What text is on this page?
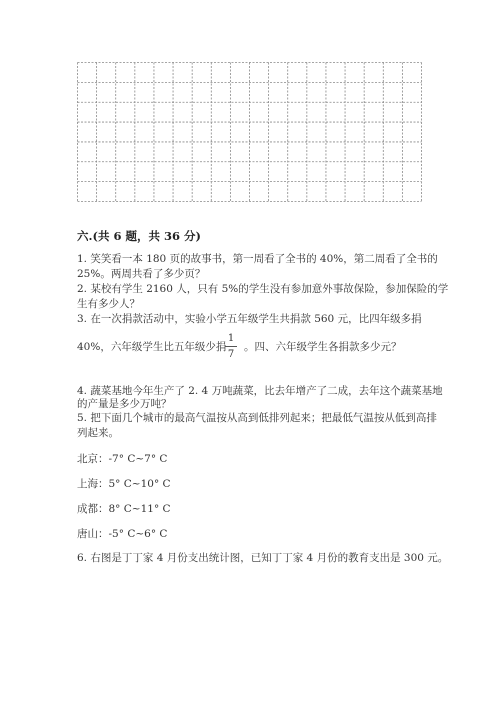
六.(共 6 题，共 36 分)
1. 笑笑看一本 180 页的故事书，第一周看了全书的 40%，第二周看了全书的
25%。两周共看了多少页？
2. 某校有学生 2160 人，只有 5%的学生没有参加意外事故保险，参加保险的学
生有多少人？
3. 在一次捐款活动中，实验小学五年级学生共捐款 560 元，比四年级多捐
40%，六年级学生比五年级少捐
1
7
。四、六年级学生各捐款多少元？
4. 蔬菜基地今年生产了 2. 4 万吨蔬菜，比去年增产了二成，去年这个蔬菜基地
的产量是多少万吨？
5. 把下面几个城市的最高气温按从高到低排列起来；把最低气温按从低到高排
列起来。
北京：-7° C~7° C
上海：5° C~10° C
成都：8° C~11° C
唐山：-5° C~6° C
6. 右图是丁丁家 4 月份支出统计图，已知丁丁家 4 月份的教育支出是 300 元。
